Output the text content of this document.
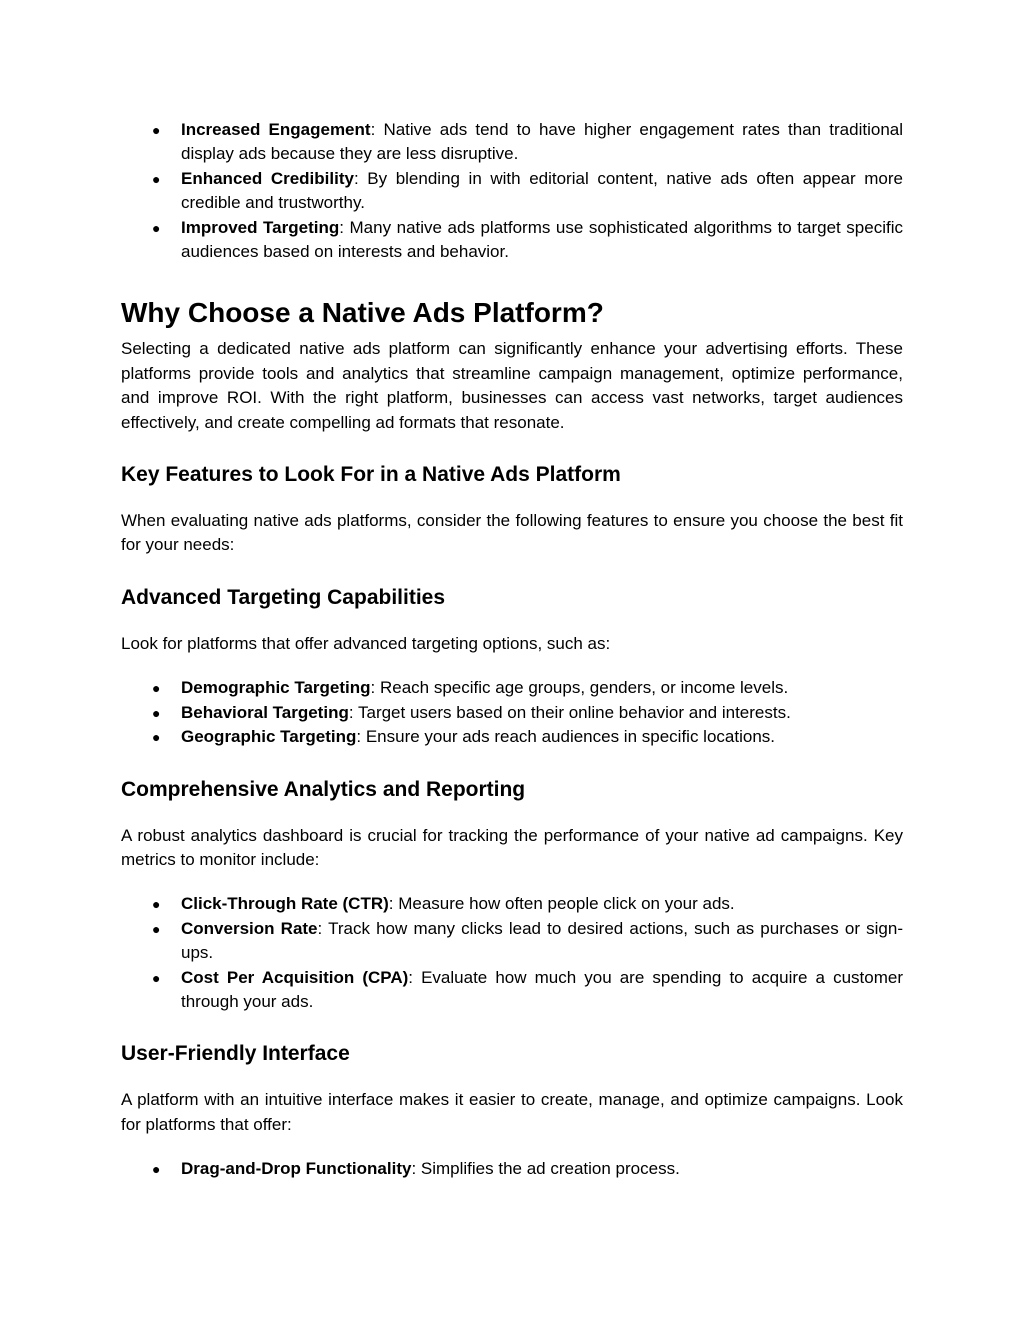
● Increased Engagement: Native ads tend to have higher engagement rates than traditional display ads because they are less disruptive.
● Enhanced Credibility: By blending in with editorial content, native ads often appear more credible and trustworthy.
● Improved Targeting: Many native ads platforms use sophisticated algorithms to target specific audiences based on interests and behavior.
Why Choose a Native Ads Platform?

Selecting a dedicated native ads platform can significantly enhance your advertising efforts. These platforms provide tools and analytics that streamline campaign management, optimize performance, and improve ROI. With the right platform, businesses can access vast networks, target audiences effectively, and create compelling ad formats that resonate.

Key Features to Look For in a Native Ads Platform

When evaluating native ads platforms, consider the following features to ensure you choose the best fit for your needs:

Advanced Targeting Capabilities

Look for platforms that offer advanced targeting options, such as:

● Demographic Targeting: Reach specific age groups, genders, or income levels.
● Behavioral Targeting: Target users based on their online behavior and interests.
● Geographic Targeting: Ensure your ads reach audiences in specific locations.
Comprehensive Analytics and Reporting

A robust analytics dashboard is crucial for tracking the performance of your native ad campaigns. Key metrics to monitor include:

● Click-Through Rate (CTR): Measure how often people click on your ads.
● Conversion Rate: Track how many clicks lead to desired actions, such as purchases or sign-ups.
● Cost Per Acquisition (CPA): Evaluate how much you are spending to acquire a customer through your ads.
User-Friendly Interface

A platform with an intuitive interface makes it easier to create, manage, and optimize campaigns. Look for platforms that offer:

● Drag-and-Drop Functionality: Simplifies the ad creation process.
